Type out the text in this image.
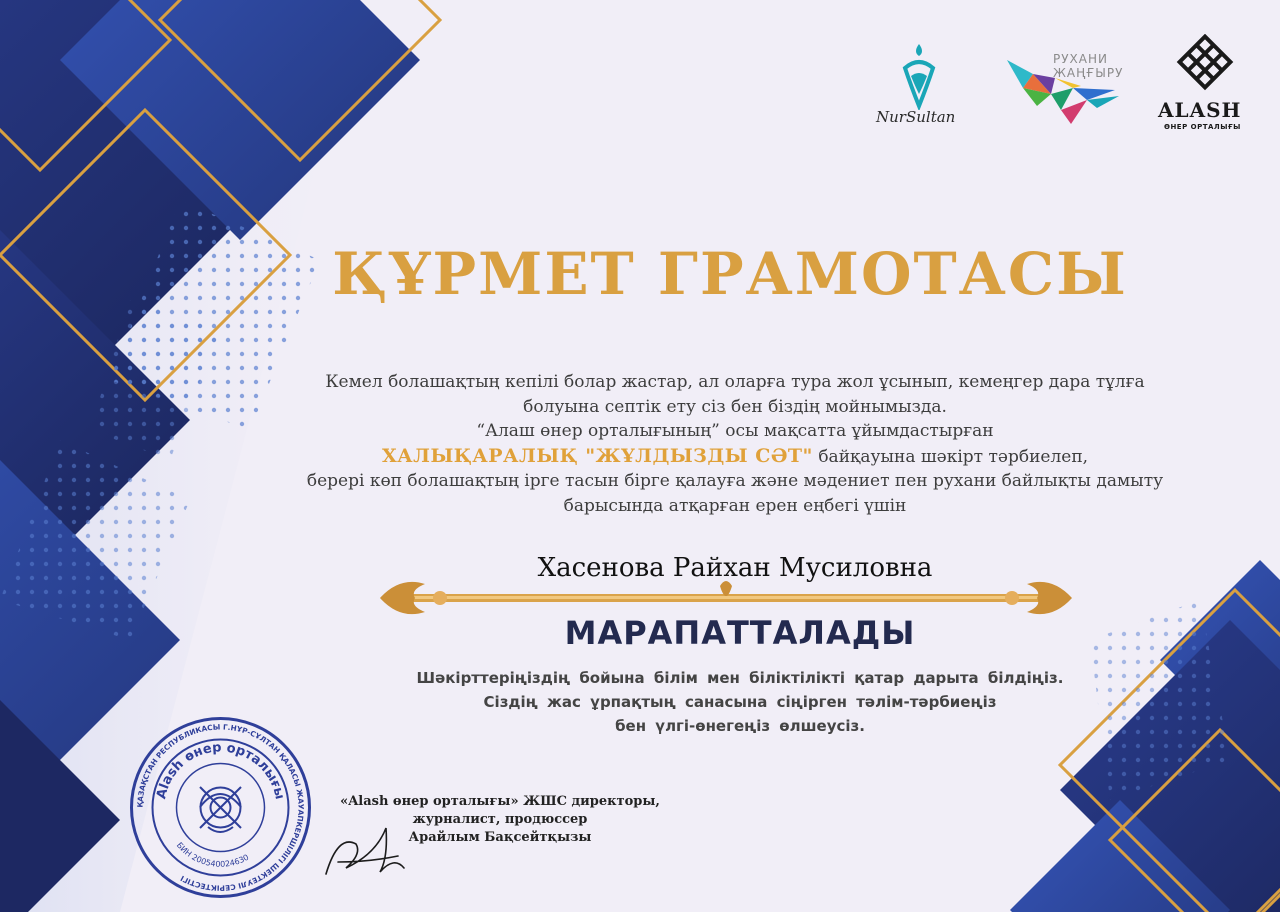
NurSultan
РУХАНИ
ЖАҢҒЫРУ
ALASH
ӨНЕР ОРТАЛЫҒЫ
ҚҰРМЕТ ГРАМОТАСЫ
Кемел болашақтың кепілі болар жастар, ал оларға тура жол ұсынып, кемеңгер дара тұлға
болуына септік ету сіз бен біздің мойнымызда.
“Алаш өнер орталығының” осы мақсатта ұйымдастырған
ХАЛЫҚАРАЛЫҚ "ЖҰЛДЫЗДЫ СӘТ" байқауына шәкірт тәрбиелеп,
берері көп болашақтың ірге тасын бірге қалауға және мәдениет пен рухани байлықты дамыту
барысында атқарған ерен еңбегі үшін
Хасенова Райхан Мусиловна
МАРАПАТТАЛАДЫ
Шәкірттеріңіздің бойына білім мен біліктілікті қатар дарыта білдіңіз.
Сіздің жас ұрпақтың санасына сіңірген тәлім-тәрбиеңіз
бен үлгі-өнегеңіз өлшеусіз.
ҚАЗАҚСТАН РЕСПУБЛИКАСЫ Г.НҰР-СҰЛТАН ҚАЛАСЫ ЖАУАПКЕРШІЛІГІ ШЕКТЕУЛІ СЕРІКТЕСТІГІ
Alash өнер орталығы
БИН 200540024630
«Alash өнер орталығы» ЖШС директоры,
журналист, продюссер
Арайлым Бақсейтқызы
